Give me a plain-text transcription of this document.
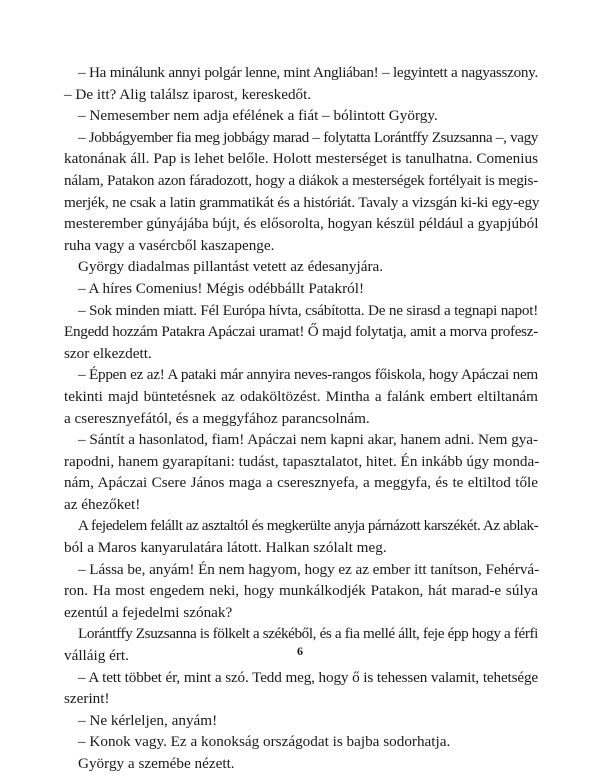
– Ha minálunk annyi polgár lenne, mint Angliában! – legyintett a nagyasszony.
– De itt? Alig találsz iparost, kereskedőt.
– Nemesember nem adja efélének a fiát – bólintott György.
– Jobbágyember fia meg jobbágy marad – folytatta Lorántffy Zsuzsanna –, vagy
katonának áll. Pap is lehet belőle. Holott mesterséget is tanulhatna. Comenius
nálam, Patakon azon fáradozott, hogy a diákok a mesterségek fortélyait is megis-
merjék, ne csak a latin grammatikát és a históriát. Tavaly a vizsgán ki-ki egy-egy
mesterember gúnyájába bújt, és elősorolta, hogyan készül például a gyapjúból
ruha vagy a vasércből kaszapenge.
György diadalmas pillantást vetett az édesanyjára.
– A híres Comenius! Mégis odébbállt Patakról!
– Sok minden miatt. Fél Európa hívta, csábította. De ne sirasd a tegnapi napot!
Engedd hozzám Patakra Apáczai uramat! Ő majd folytatja, amit a morva profesz-
szor elkezdett.
– Éppen ez az! A pataki már annyira neves-rangos főiskola, hogy Apáczai nem
tekinti majd büntetésnek az odaköltözést. Mintha a falánk embert eltiltanám
a cseresznyefától, és a meggyfához parancsolnám.
– Sántít a hasonlatod, fiam! Apáczai nem kapni akar, hanem adni. Nem gya-
rapodni, hanem gyarapítani: tudást, tapasztalatot, hitet. Én inkább úgy monda-
nám, Apáczai Csere János maga a cseresznyefa, a meggyfa, és te eltiltod tőle
az éhezőket!
A fejedelem felállt az asztaltól és megkerülte anyja párnázott karszékét. Az ablak-
ból a Maros kanyarulatára látott. Halkan szólalt meg.
– Lássa be, anyám! Én nem hagyom, hogy ez az ember itt tanítson, Fehérvá-
ron. Ha most engedem neki, hogy munkálkodjék Patakon, hát marad-e súlya
ezentúl a fejedelmi szónak?
Lorántffy Zsuzsanna is fölkelt a székéből, és a fia mellé állt, feje épp hogy a férfi
válláig ért.
– A tett többet ér, mint a szó. Tedd meg, hogy ő is tehessen valamit, tehetsége
szerint!
– Ne kérleljen, anyám!
– Konok vagy. Ez a konokság országodat is bajba sodorhatja.
György a szemébe nézett.
6
